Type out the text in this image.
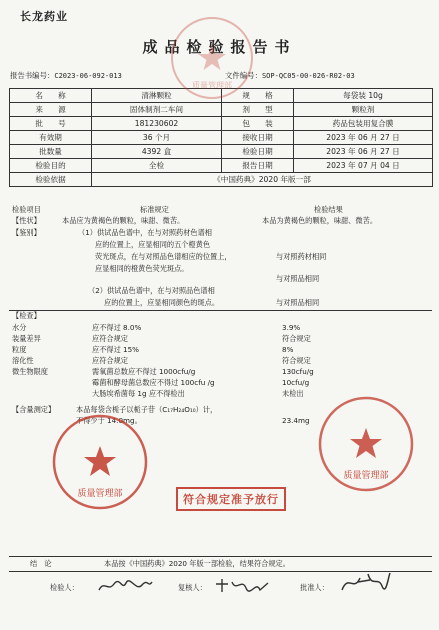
长龙药业
成品检验报告书
报告书编号：C2023-06-092-013	文件编号：SOP-QC05-00-026-R02-03
名　　称	清淋颗粒	规　　格	每袋装 10g
来　　源	固体制剂二车间	剂　　型	颗粒剂
批　　号	181230602	包　　装	药品包装用复合膜
有效期	36 个月	接收日期	2023 年 06 月 27 日
批数量	4392 盒	检验日期	2023 年 06 月 27 日
检验目的	全检	报告日期	2023 年 07 月 04 日
检验依据	《中国药典》2020 年版一部		
检验项目	标准规定	检验结果
【性状】	本品应为黄褐色的颗粒，味甜、微苦。	本品为黄褐色的颗粒，味甜、微苦。
【鉴别】	（1）供试品色谱中，在与对照药材色谱相
应的位置上，应显相同的五个橙黄色
荧光斑点，在与对照品色谱相应的位置上，	与对照药材相同
应显相同的橙黄色荧光斑点。
与对照品相同
（2）供试品色谱中，在与对照品色谱相
应的位置上，应显相同颜色的斑点。	与对照品相同
【检查】
水分	应不得过 8.0%	3.9%
装量差异	应符合规定	符合规定
粒度	应不得过 15%	8%
溶化性	应符合规定	符合规定
微生物限度	需氧菌总数应不得过 1000cfu/g	130cfu/g
霉菌和酵母菌总数应不得过 100cfu /g	10cfu/g
大肠埃希菌每 1g 应不得检出	未检出
【含量测定】	本品每袋含栀子以栀子苷（C₁₇H₂₄O₁₀）计，
不得少于 14.0mg。	23.4mg
结　论	本品按《中国药典》2020 年版一部检验，结果符合规定。
检验人：	复核人：	批准人：
质量管理部
质量管理部
质量管理部
符合规定准予放行
